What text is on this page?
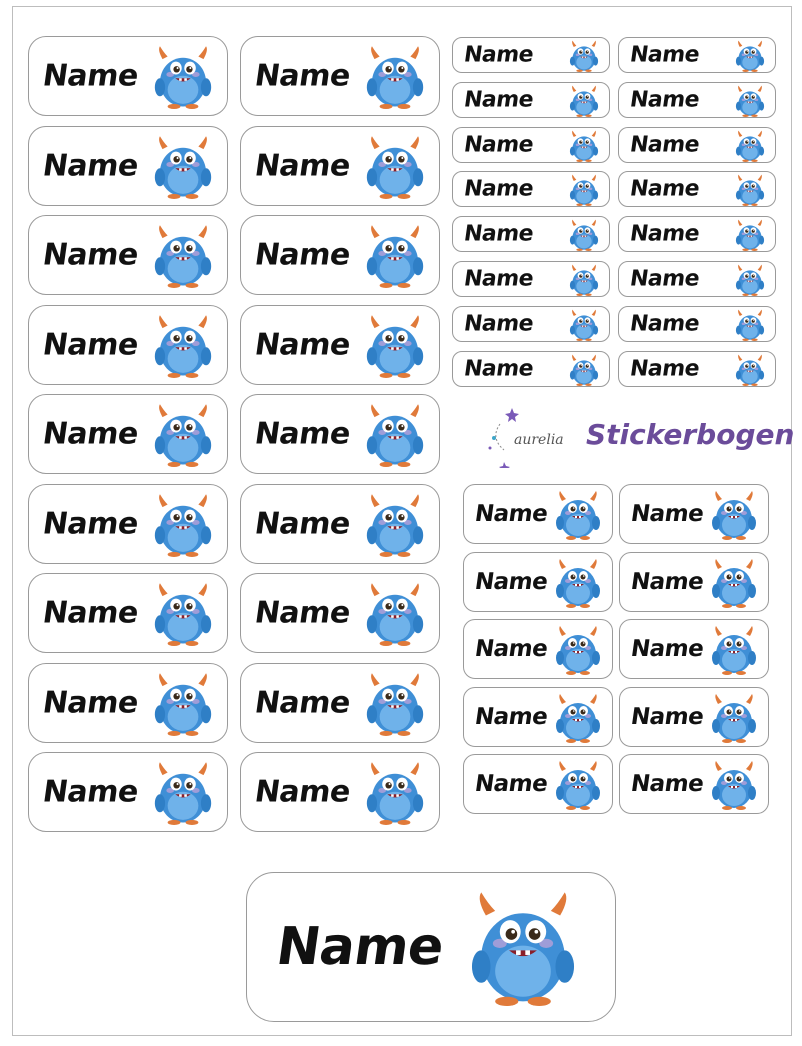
Name
Name
Name
Name
Name
Name
Name
Name
Name
Name
Name
Name
Name
Name
Name
Name
Name
Name
Name
Name
Name
Name
Name
Name
Name
Name
Name
Name
Name
Name
Name
Name
Name
Name
Name
Name
Name
Name
Name
Name
Name
Name
Name
Name
Name
aurelia Stickerbogen
